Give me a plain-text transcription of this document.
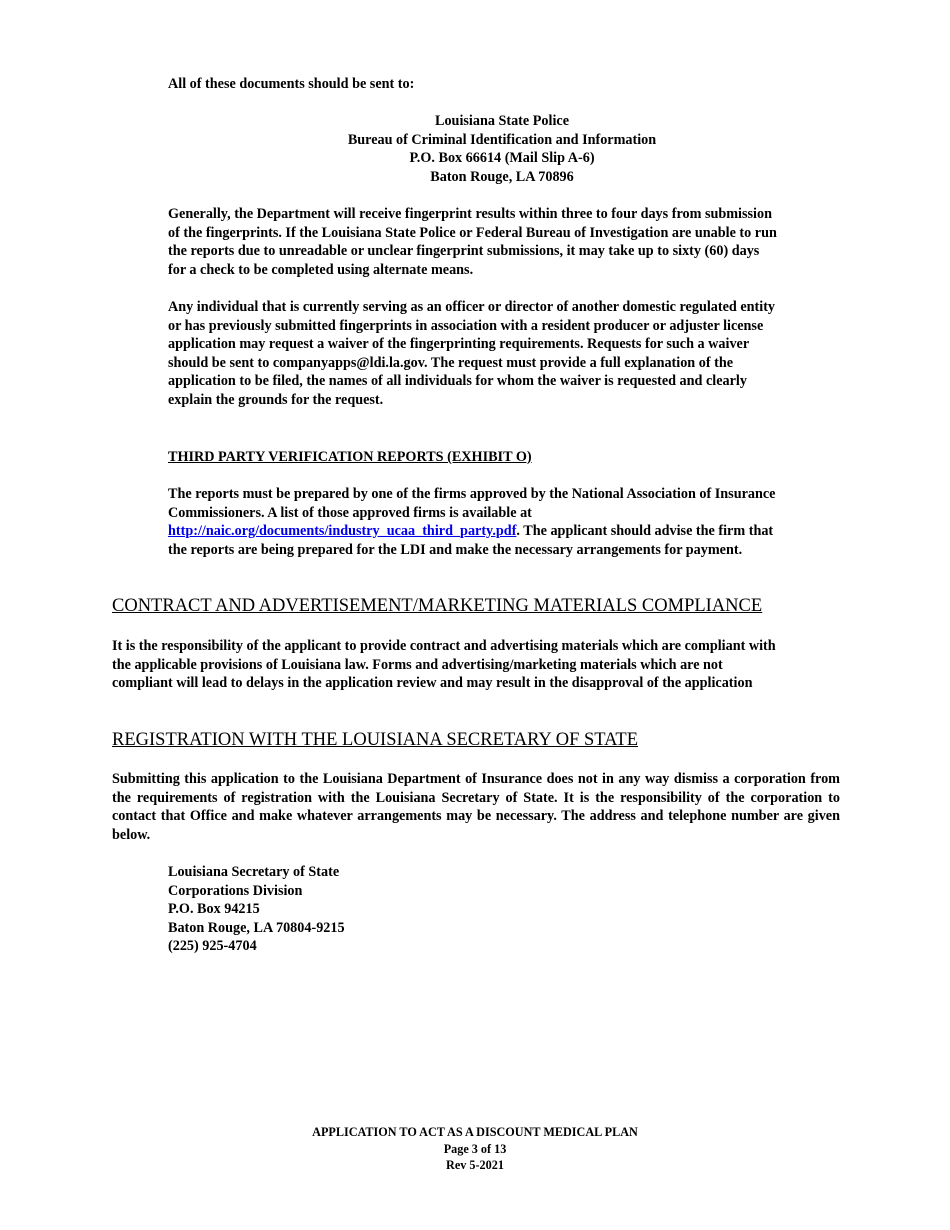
All of these documents should be sent to:
Louisiana State Police
Bureau of Criminal Identification and Information
P.O. Box 66614 (Mail Slip A-6)
Baton Rouge, LA 70896
Generally, the Department will receive fingerprint results within three to four days from submission
of the fingerprints. If the Louisiana State Police or Federal Bureau of Investigation are unable to run
the reports due to unreadable or unclear fingerprint submissions, it may take up to sixty (60) days
for a check to be completed using alternate means.
Any individual that is currently serving as an officer or director of another domestic regulated entity
or has previously submitted fingerprints in association with a resident producer or adjuster license
application may request a waiver of the fingerprinting requirements. Requests for such a waiver
should be sent to companyapps@ldi.la.gov. The request must provide a full explanation of the
application to be filed, the names of all individuals for whom the waiver is requested and clearly
explain the grounds for the request.
THIRD PARTY VERIFICATION REPORTS (EXHIBIT O)
The reports must be prepared by one of the firms approved by the National Association of Insurance
Commissioners. A list of those approved firms is available at
http://naic.org/documents/industry_ucaa_third_party.pdf. The applicant should advise the firm that
the reports are being prepared for the LDI and make the necessary arrangements for payment.
CONTRACT AND ADVERTISEMENT/MARKETING MATERIALS COMPLIANCE
It is the responsibility of the applicant to provide contract and advertising materials which are compliant with
the applicable provisions of Louisiana law. Forms and advertising/marketing materials which are not
compliant will lead to delays in the application review and may result in the disapproval of the application
REGISTRATION WITH THE LOUISIANA SECRETARY OF STATE
Submitting this application to the Louisiana Department of Insurance does not in any way dismiss a corporation from the requirements of registration with the Louisiana Secretary of State. It is the responsibility of the corporation to contact that Office and make whatever arrangements may be necessary. The address and telephone number are given below.
Louisiana Secretary of State
Corporations Division
P.O. Box 94215
Baton Rouge, LA 70804-9215
(225) 925-4704
APPLICATION TO ACT AS A DISCOUNT MEDICAL PLAN
Page 3 of 13
Rev 5-2021
